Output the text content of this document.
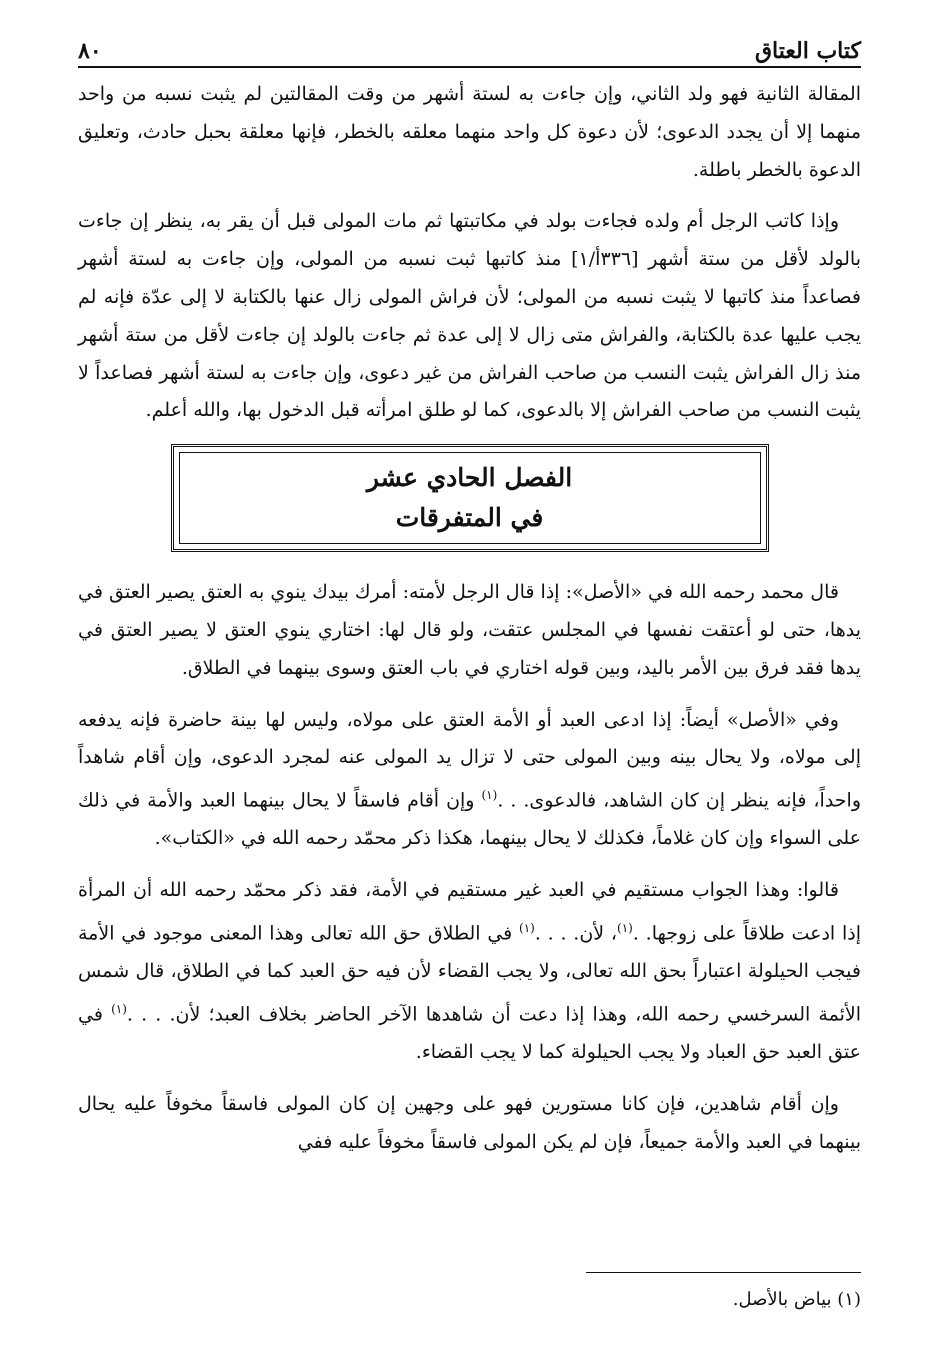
كتاب العتاق
٨٠

المقالة الثانية فهو ولد الثاني، وإن جاءت به لستة أشهر من وقت المقالتين لم يثبت نسبه من واحد منهما إلا أن يجدد الدعوى؛ لأن دعوة كل واحد منهما معلقه بالخطر، فإنها معلقة بحبل حادث، وتعليق الدعوة بالخطر باطلة.

وإذا كاتب الرجل أم ولده فجاءت بولد في مكاتبتها ثم مات المولى قبل أن يقر به، ينظر إن جاءت بالولد لأقل من ستة أشهر [٣٣٦أ/١] منذ كاتبها ثبت نسبه من المولى، وإن جاءت به لستة أشهر فصاعداً منذ كاتبها لا يثبت نسبه من المولى؛ لأن فراش المولى زال عنها بالكتابة لا إلى عدّة فإنه لم يجب عليها عدة بالكتابة، والفراش متى زال لا إلى عدة ثم جاءت بالولد إن جاءت لأقل من ستة أشهر منذ زال الفراش يثبت النسب من صاحب الفراش من غير دعوى، وإن جاءت به لستة أشهر فصاعداً لا يثبت النسب من صاحب الفراش إلا بالدعوى، كما لو طلق امرأته قبل الدخول بها، والله أعلم.

الفصل الحادي عشر
في المتفرقات

قال محمد رحمه الله في «الأصل»: إذا قال الرجل لأمته: أمرك بيدك ينوي به العتق يصير العتق في يدها، حتى لو أعتقت نفسها في المجلس عتقت، ولو قال لها: اختاري ينوي العتق لا يصير العتق في يدها فقد فرق بين الأمر باليد، وبين قوله اختاري في باب العتق وسوى بينهما في الطلاق.

وفي «الأصل» أيضاً: إذا ادعى العبد أو الأمة العتق على مولاه، وليس لها بينة حاضرة فإنه يدفعه إلى مولاه، ولا يحال بينه وبين المولى حتى لا تزال يد المولى عنه لمجرد الدعوى، وإن أقام شاهداً واحداً، فإنه ينظر إن كان الشاهد، فالدعوى. . .$^{(١)}$ وإن أقام فاسقاً لا يحال بينهما العبد والأمة في ذلك على السواء وإن كان غلاماً، فكذلك لا يحال بينهما، هكذا ذكر محمّد رحمه الله في «الكتاب».

قالوا: وهذا الجواب مستقيم في العبد غير مستقيم في الأمة، فقد ذكر محمّد رحمه الله أن المرأة إذا ادعت طلاقاً على زوجها. .$^{(١)}$، لأن. . . .$^{(١)}$ في الطلاق حق الله تعالى وهذا المعنى موجود في الأمة فيجب الحيلولة اعتباراً بحق الله تعالى، ولا يجب القضاء لأن فيه حق العبد كما في الطلاق، قال شمس الأئمة السرخسي رحمه الله، وهذا إذا دعت أن شاهدها الآخر الحاضر بخلاف العبد؛ لأن. . . .$^{(١)}$ في عتق العبد حق العباد ولا يجب الحيلولة كما لا يجب القضاء.

وإن أقام شاهدين، فإن كانا مستورين فهو على وجهين إن كان المولى فاسقاً مخوفاً عليه يحال بينهما في العبد والأمة جميعاً، فإن لم يكن المولى فاسقاً مخوفاً عليه ففي

(١) بياض بالأصل.
